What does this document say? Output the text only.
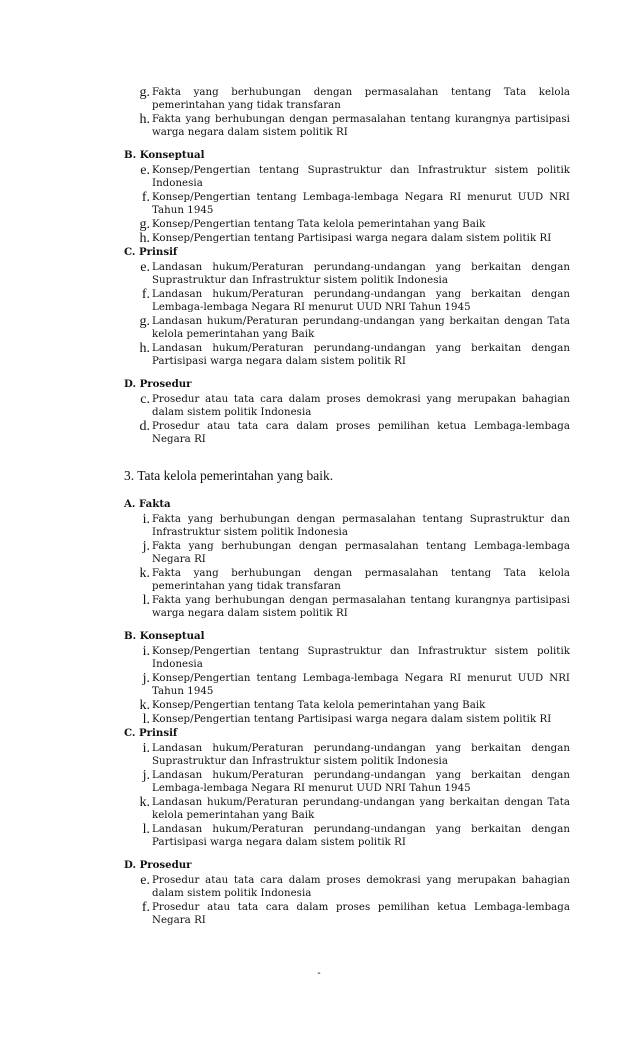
g. Fakta yang berhubungan dengan permasalahan tentang Tata kelola pemerintahan yang tidak transfaran
h. Fakta yang berhubungan dengan permasalahan tentang kurangnya partisipasi warga negara dalam sistem politik RI
B. Konseptual
e. Konsep/Pengertian tentang Suprastruktur dan Infrastruktur sistem politik Indonesia
f. Konsep/Pengertian tentang Lembaga-lembaga Negara RI menurut UUD NRI Tahun 1945
g. Konsep/Pengertian tentang Tata kelola pemerintahan yang Baik
h. Konsep/Pengertian tentang Partisipasi warga negara dalam sistem politik RI
C. Prinsif
e. Landasan hukum/Peraturan perundang-undangan yang berkaitan dengan Suprastruktur dan Infrastruktur sistem politik Indonesia
f. Landasan hukum/Peraturan perundang-undangan yang berkaitan dengan Lembaga-lembaga Negara RI menurut UUD NRI Tahun 1945
g. Landasan hukum/Peraturan perundang-undangan yang berkaitan dengan Tata kelola pemerintahan yang Baik
h. Landasan hukum/Peraturan perundang-undangan yang berkaitan dengan Partisipasi warga negara dalam sistem politik RI
D. Prosedur
c. Prosedur atau tata cara dalam proses demokrasi yang merupakan bahagian dalam sistem politik Indonesia
d. Prosedur atau tata cara dalam proses pemilihan ketua Lembaga-lembaga Negara RI
3. Tata kelola pemerintahan yang baik.
A. Fakta
i. Fakta yang berhubungan dengan permasalahan tentang Suprastruktur dan Infrastruktur sistem politik Indonesia
j. Fakta yang berhubungan dengan permasalahan tentang Lembaga-lembaga Negara RI
k. Fakta yang berhubungan dengan permasalahan tentang Tata kelola pemerintahan yang tidak transfaran
l. Fakta yang berhubungan dengan permasalahan tentang kurangnya partisipasi warga negara dalam sistem politik RI
B. Konseptual
i. Konsep/Pengertian tentang Suprastruktur dan Infrastruktur sistem politik Indonesia
j. Konsep/Pengertian tentang Lembaga-lembaga Negara RI menurut UUD NRI Tahun 1945
k. Konsep/Pengertian tentang Tata kelola pemerintahan yang Baik
l. Konsep/Pengertian tentang Partisipasi warga negara dalam sistem politik RI
C. Prinsif
i. Landasan hukum/Peraturan perundang-undangan yang berkaitan dengan Suprastruktur dan Infrastruktur sistem politik Indonesia
j. Landasan hukum/Peraturan perundang-undangan yang berkaitan dengan Lembaga-lembaga Negara RI menurut UUD NRI Tahun 1945
k. Landasan hukum/Peraturan perundang-undangan yang berkaitan dengan Tata kelola pemerintahan yang Baik
l. Landasan hukum/Peraturan perundang-undangan yang berkaitan dengan Partisipasi warga negara dalam sistem politik RI
D. Prosedur
e. Prosedur atau tata cara dalam proses demokrasi yang merupakan bahagian dalam sistem politik Indonesia
f. Prosedur atau tata cara dalam proses pemilihan ketua Lembaga-lembaga Negara RI
-
